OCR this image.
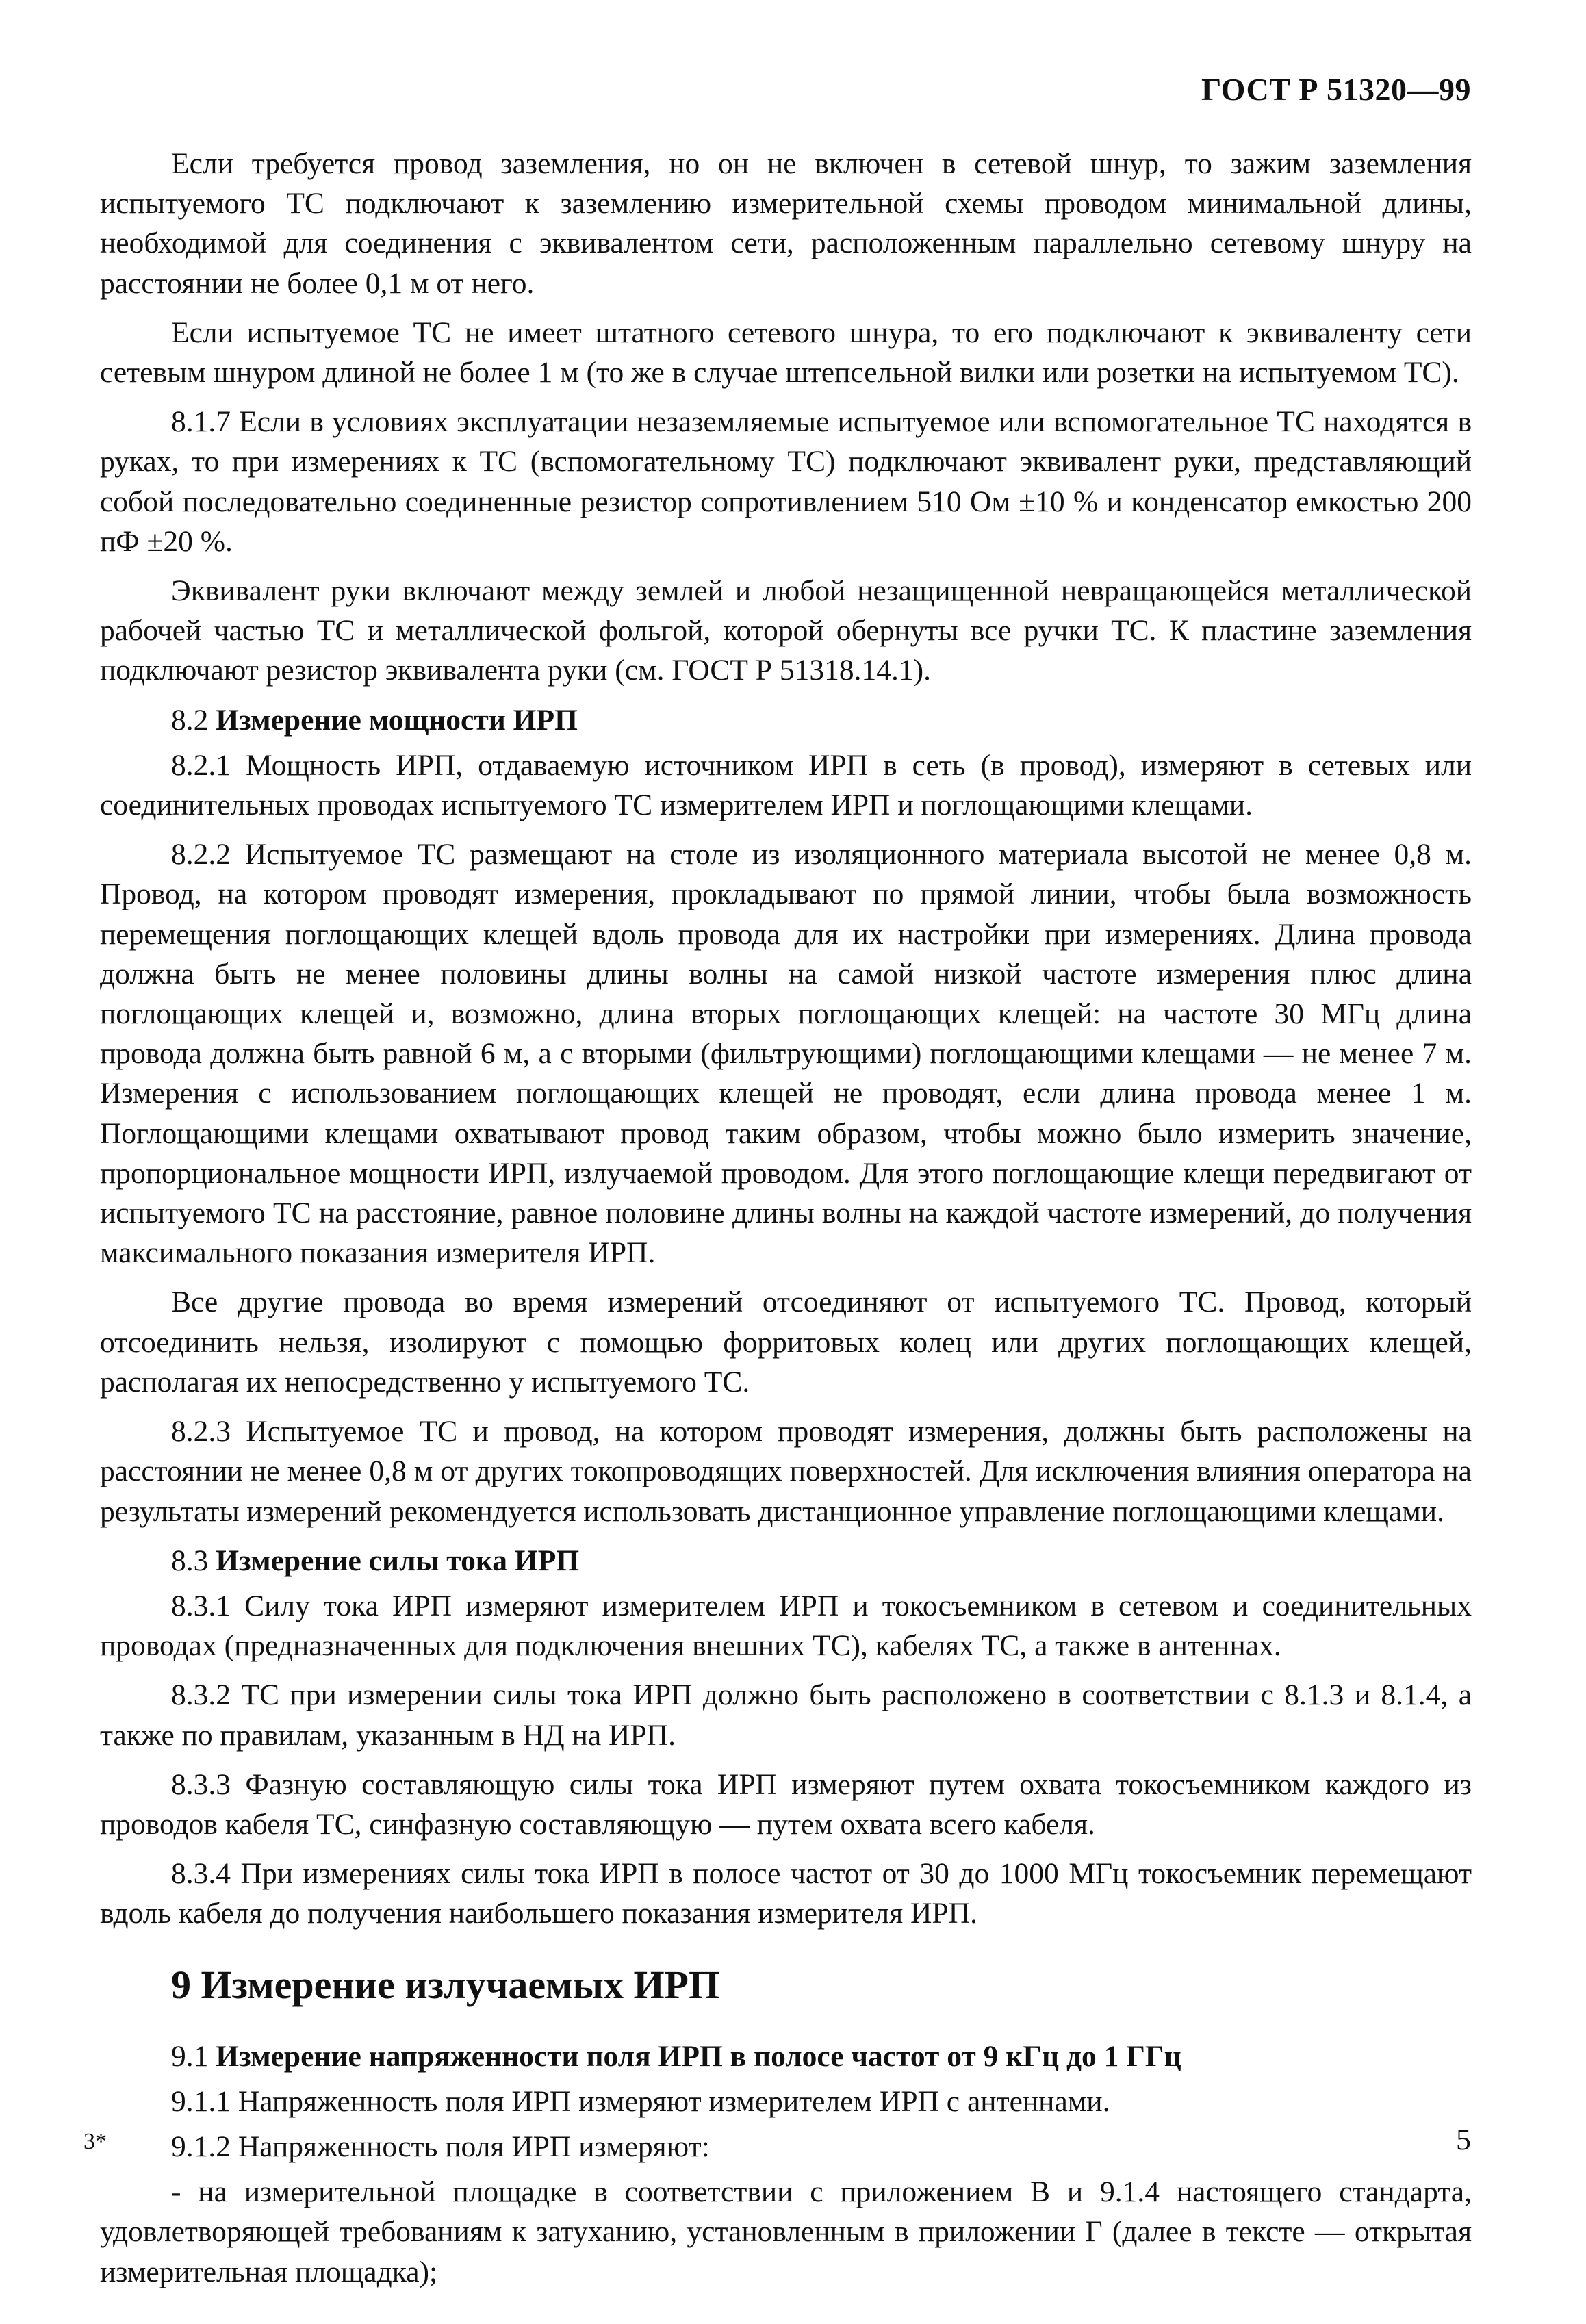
ГОСТ Р 51320—99

Если требуется провод заземления, но он не включен в сетевой шнур, то зажим заземления испытуемого ТС подключают к заземлению измерительной схемы проводом минимальной длины, необходимой для соединения с эквивалентом сети, расположенным параллельно сетевому шнуру на расстоянии не более 0,1 м от него.

Если испытуемое ТС не имеет штатного сетевого шнура, то его подключают к эквиваленту сети сетевым шнуром длиной не более 1 м (то же в случае штепсельной вилки или розетки на испытуемом ТС).

8.1.7 Если в условиях эксплуатации незаземляемые испытуемое или вспомогательное ТС находятся в руках, то при измерениях к ТС (вспомогательному ТС) подключают эквивалент руки, представляющий собой последовательно соединенные резистор сопротивлением 510 Ом ±10 % и конденсатор емкостью 200 пФ ±20 %.

Эквивалент руки включают между землей и любой незащищенной невращающейся металлической рабочей частью ТС и металлической фольгой, которой обернуты все ручки ТС. К пластине заземления подключают резистор эквивалента руки (см. ГОСТ Р 51318.14.1).

8.2 Измерение мощности ИРП

8.2.1 Мощность ИРП, отдаваемую источником ИРП в сеть (в провод), измеряют в сетевых или соединительных проводах испытуемого ТС измерителем ИРП и поглощающими клещами.

8.2.2 Испытуемое ТС размещают на столе из изоляционного материала высотой не менее 0,8 м. Провод, на котором проводят измерения, прокладывают по прямой линии, чтобы была возможность перемещения поглощающих клещей вдоль провода для их настройки при измерениях. Длина провода должна быть не менее половины длины волны на самой низкой частоте измерения плюс длина поглощающих клещей и, возможно, длина вторых поглощающих клещей: на частоте 30 МГц длина провода должна быть равной 6 м, а с вторыми (фильтрующими) поглощающими клещами — не менее 7 м. Измерения с использованием поглощающих клещей не проводят, если длина провода менее 1 м. Поглощающими клещами охватывают провод таким образом, чтобы можно было измерить значение, пропорциональное мощности ИРП, излучаемой проводом. Для этого поглощающие клещи передвигают от испытуемого ТС на расстояние, равное половине длины волны на каждой частоте измерений, до получения максимального показания измерителя ИРП.

Все другие провода во время измерений отсоединяют от испытуемого ТС. Провод, который отсоединить нельзя, изолируют с помощью форритовых колец или других поглощающих клещей, располагая их непосредственно у испытуемого ТС.

8.2.3 Испытуемое ТС и провод, на котором проводят измерения, должны быть расположены на расстоянии не менее 0,8 м от других токопроводящих поверхностей. Для исключения влияния оператора на результаты измерений рекомендуется использовать дистанционное управление поглощающими клещами.

8.3 Измерение силы тока ИРП

8.3.1 Силу тока ИРП измеряют измерителем ИРП и токосъемником в сетевом и соединительных проводах (предназначенных для подключения внешних ТС), кабелях ТС, а также в антеннах.

8.3.2 ТС при измерении силы тока ИРП должно быть расположено в соответствии с 8.1.3 и 8.1.4, а также по правилам, указанным в НД на ИРП.

8.3.3 Фазную составляющую силы тока ИРП измеряют путем охвата токосъемником каждого из проводов кабеля ТС, синфазную составляющую — путем охвата всего кабеля.

8.3.4 При измерениях силы тока ИРП в полосе частот от 30 до 1000 МГц токосъемник перемещают вдоль кабеля до получения наибольшего показания измерителя ИРП.

9 Измерение излучаемых ИРП

9.1 Измерение напряженности поля ИРП в полосе частот от 9 кГц до 1 ГГц

9.1.1 Напряженность поля ИРП измеряют измерителем ИРП с антеннами.

9.1.2 Напряженность поля ИРП измеряют:

- на измерительной площадке в соответствии с приложением В и 9.1.4 настоящего стандарта, удовлетворяющей требованиям к затуханию, установленным в приложении Г (далее в тексте — открытая измерительная площадка);

3*	5
